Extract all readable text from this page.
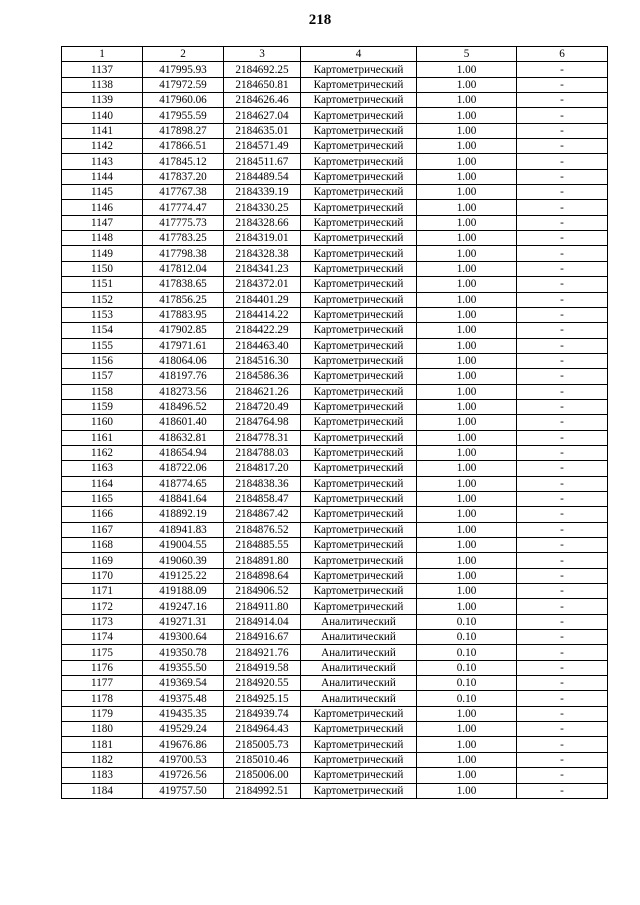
218
1	2	3	4	5	6
1137	417995.93	2184692.25	Картометрический	1.00	-
1138	417972.59	2184650.81	Картометрический	1.00	-
1139	417960.06	2184626.46	Картометрический	1.00	-
1140	417955.59	2184627.04	Картометрический	1.00	-
1141	417898.27	2184635.01	Картометрический	1.00	-
1142	417866.51	2184571.49	Картометрический	1.00	-
1143	417845.12	2184511.67	Картометрический	1.00	-
1144	417837.20	2184489.54	Картометрический	1.00	-
1145	417767.38	2184339.19	Картометрический	1.00	-
1146	417774.47	2184330.25	Картометрический	1.00	-
1147	417775.73	2184328.66	Картометрический	1.00	-
1148	417783.25	2184319.01	Картометрический	1.00	-
1149	417798.38	2184328.38	Картометрический	1.00	-
1150	417812.04	2184341.23	Картометрический	1.00	-
1151	417838.65	2184372.01	Картометрический	1.00	-
1152	417856.25	2184401.29	Картометрический	1.00	-
1153	417883.95	2184414.22	Картометрический	1.00	-
1154	417902.85	2184422.29	Картометрический	1.00	-
1155	417971.61	2184463.40	Картометрический	1.00	-
1156	418064.06	2184516.30	Картометрический	1.00	-
1157	418197.76	2184586.36	Картометрический	1.00	-
1158	418273.56	2184621.26	Картометрический	1.00	-
1159	418496.52	2184720.49	Картометрический	1.00	-
1160	418601.40	2184764.98	Картометрический	1.00	-
1161	418632.81	2184778.31	Картометрический	1.00	-
1162	418654.94	2184788.03	Картометрический	1.00	-
1163	418722.06	2184817.20	Картометрический	1.00	-
1164	418774.65	2184838.36	Картометрический	1.00	-
1165	418841.64	2184858.47	Картометрический	1.00	-
1166	418892.19	2184867.42	Картометрический	1.00	-
1167	418941.83	2184876.52	Картометрический	1.00	-
1168	419004.55	2184885.55	Картометрический	1.00	-
1169	419060.39	2184891.80	Картометрический	1.00	-
1170	419125.22	2184898.64	Картометрический	1.00	-
1171	419188.09	2184906.52	Картометрический	1.00	-
1172	419247.16	2184911.80	Картометрический	1.00	-
1173	419271.31	2184914.04	Аналитический	0.10	-
1174	419300.64	2184916.67	Аналитический	0.10	-
1175	419350.78	2184921.76	Аналитический	0.10	-
1176	419355.50	2184919.58	Аналитический	0.10	-
1177	419369.54	2184920.55	Аналитический	0.10	-
1178	419375.48	2184925.15	Аналитический	0.10	-
1179	419435.35	2184939.74	Картометрический	1.00	-
1180	419529.24	2184964.43	Картометрический	1.00	-
1181	419676.86	2185005.73	Картометрический	1.00	-
1182	419700.53	2185010.46	Картометрический	1.00	-
1183	419726.56	2185006.00	Картометрический	1.00	-
1184	419757.50	2184992.51	Картометрический	1.00	-
